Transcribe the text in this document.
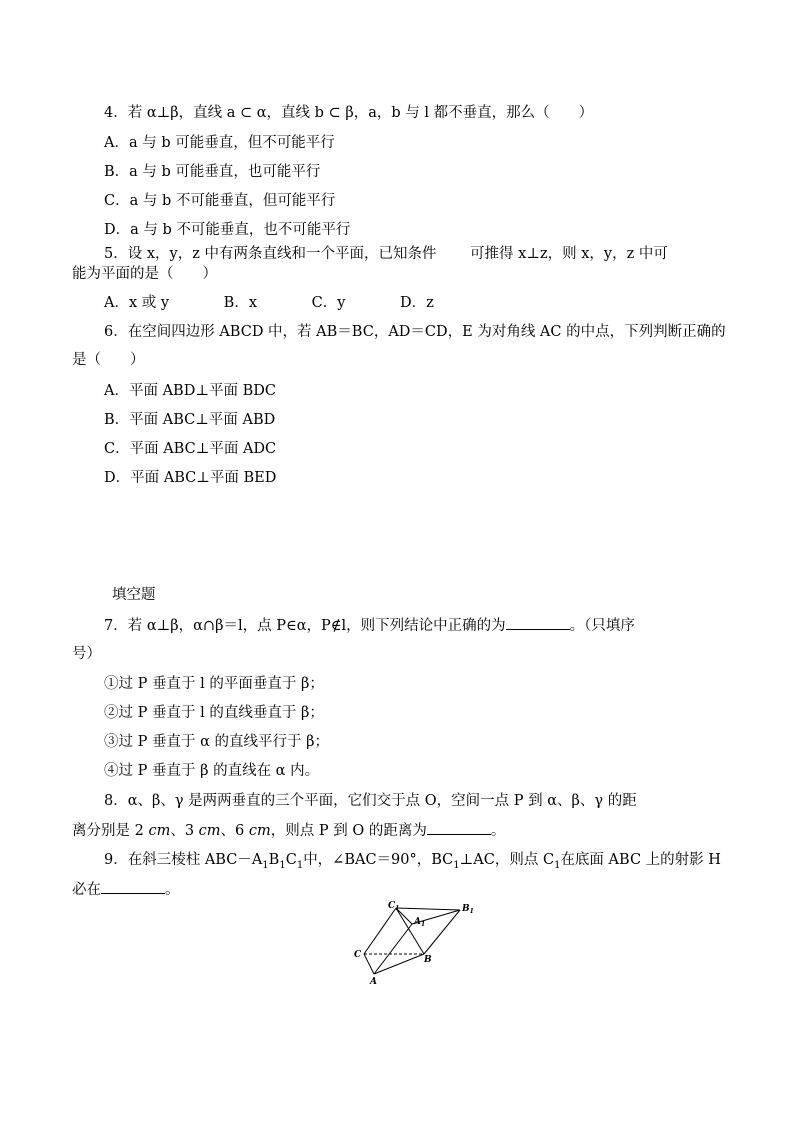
4．若 α⊥β，直线 a ⊂ α，直线 b ⊂ β，a，b 与 l 都不垂直，那么（　　）
A．a 与 b 可能垂直，但不可能平行
B．a 与 b 可能垂直，也可能平行
C．a 与 b 不可能垂直，但可能平行
D．a 与 b 不可能垂直，也不可能平行
5．设 x，y，z 中有两条直线和一个平面，已知条件　　 可推得 x⊥z，则 x，y，z 中可
能为平面的是（　　）
A．x 或 y	B．x	C．y	D．z
6．在空间四边形 ABCD 中，若 AB＝BC，AD＝CD，E 为对角线 AC 的中点，下列判断正确的
是（　　）
A．平面 ABD⊥平面 BDC
B．平面 ABC⊥平面 ABD
C．平面 ABC⊥平面 ADC
D．平面 ABC⊥平面 BED
填空题
7．若 α⊥β，α∩β＝l，点 P∈α，P∉l，则下列结论中正确的为	。（只填序
号）
①过 P 垂直于 l 的平面垂直于 β；
②过 P 垂直于 l 的直线垂直于 β；
③过 P 垂直于 α 的直线平行于 β；
④过 P 垂直于 β 的直线在 α 内。
8．α、β、γ 是两两垂直的三个平面，它们交于点 O，空间一点 P 到 α、β、γ 的距
离分别是 2 cm、3 cm、6 cm，则点 P 到 O 的距离为	。
9．在斜三棱柱 $ABC-A_1B_1C_1$中，∠BAC＝90°，$BC_1\perp AC$，则点 $C_1$在底面 ABC 上的射影 H
必在	。
$C_1$
$A_1$
$B_1$
C	B
A
